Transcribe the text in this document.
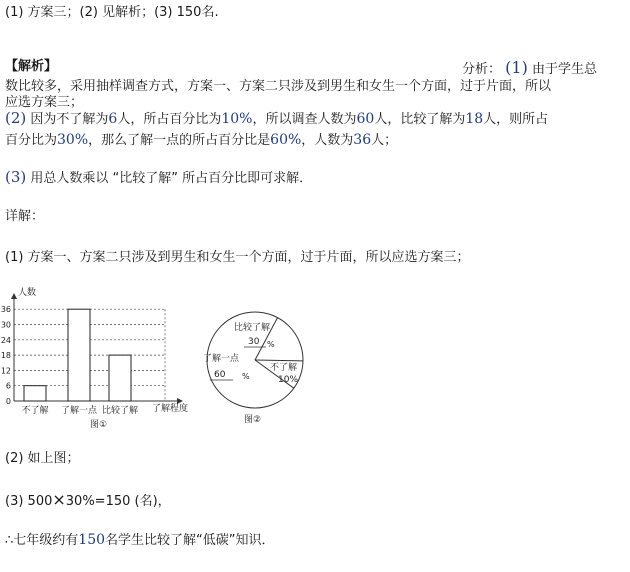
(1) 方案三；(2) 见解析；(3) 150名.
【解析】	分析： (1) 由于学生总
数比较多，采用抽样调查方式，方案一、方案二只涉及到男生和女生一个方面，过于片面，所以
应选方案三；
(2) 因为不了解为6人，所占百分比为10%，所以调查人数为60人，比较了解为18人，则所占
百分比为30%，那么了解一点的所占百分比是60%，人数为36人；
(3) 用总人数乘以 “比较了解” 所占百分比即可求解．
详解：
(1) 方案一、方案二只涉及到男生和女生一个方面，过于片面，所以应选方案三；
0
6
12
18
24
30
36
不了解 了解一点 比较了解
人数
了解程度
图①
比较了解
30 %
了解一点
60 %
不了解
10%
图②
(2) 如上图；
(3) 500×30%=150 (名)，
∴七年级约有150名学生比较了解“低碳”知识．
